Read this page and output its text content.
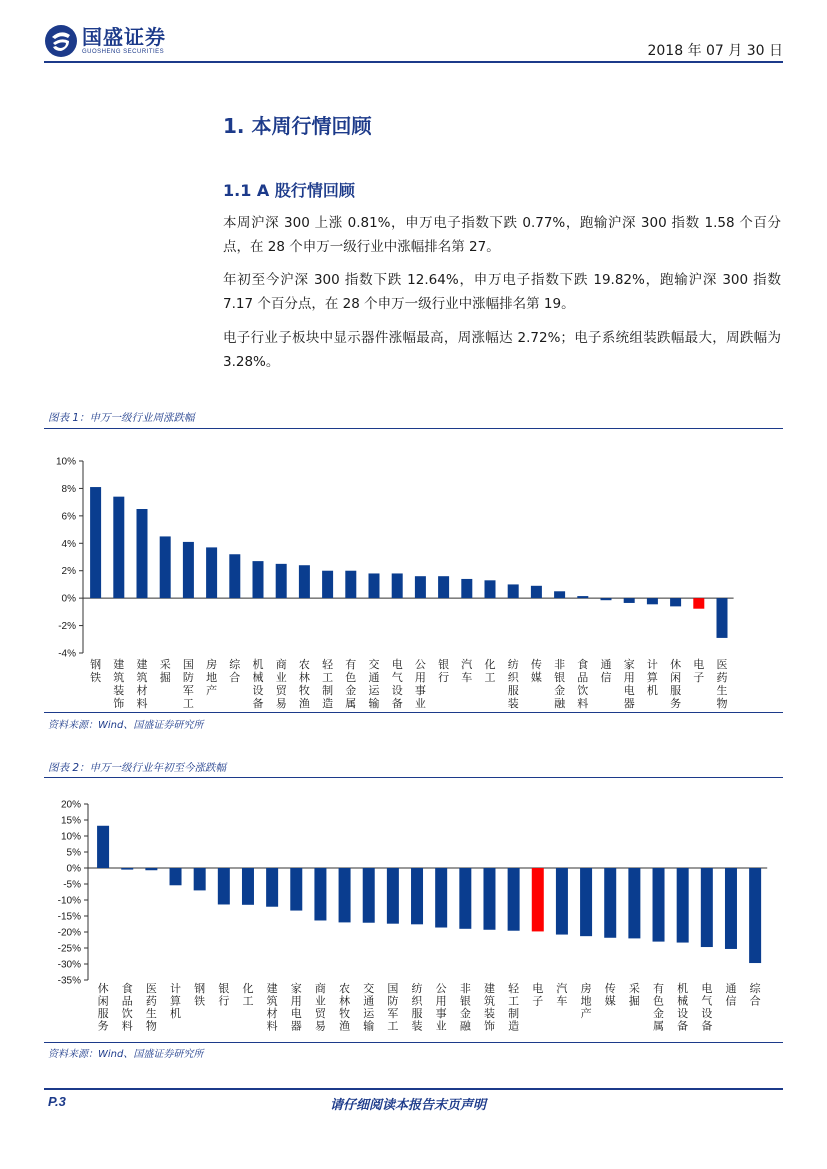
国盛证券
GUOSHENG SECURITIES	2018 年 07 月 30 日
1. 本周行情回顾
1.1 A 股行情回顾
本周沪深 300 上涨 0.81%，申万电子指数下跌 0.77%，跑输沪深 300 指数 1.58 个百分点，在 28 个申万一级行业中涨幅排名第 27。
年初至今沪深 300 指数下跌 12.64%，申万电子指数下跌 19.82%，跑输沪深 300 指数 7.17 个百分点，在 28 个申万一级行业中涨幅排名第 19。
电子行业子板块中显示器件涨幅最高，周涨幅达 2.72%；电子系统组装跌幅最大，周跌幅为 3.28%。
图表 1：申万一级行业周涨跌幅
-4%
-2%
0%
2%
4%
6%
8%
10%
钢铁
建筑装饰
建筑材料
采掘
国防军工
房地产
综合
机械设备
商业贸易
农林牧渔
轻工制造
有色金属
交通运输
电气设备
公用事业
银行
汽车
化工
纺织服装
传媒
非银金融
食品饮料
通信
家用电器
计算机
休闲服务
电子
医药生物
资料来源：Wind、国盛证券研究所
图表 2：申万一级行业年初至今涨跌幅
-35%
-30%
-25%
-20%
-15%
-10%
-5%
0%
5%
10%
15%
20%
休闲服务
食品饮料
医药生物
计算机
钢铁
银行
化工
建筑材料
家用电器
商业贸易
农林牧渔
交通运输
国防军工
纺织服装
公用事业
非银金融
建筑装饰
轻工制造
电子
汽车
房地产
传媒
采掘
有色金属
机械设备
电气设备
通信
综合
资料来源：Wind、国盛证券研究所
P.3	请仔细阅读本报告末页声明
